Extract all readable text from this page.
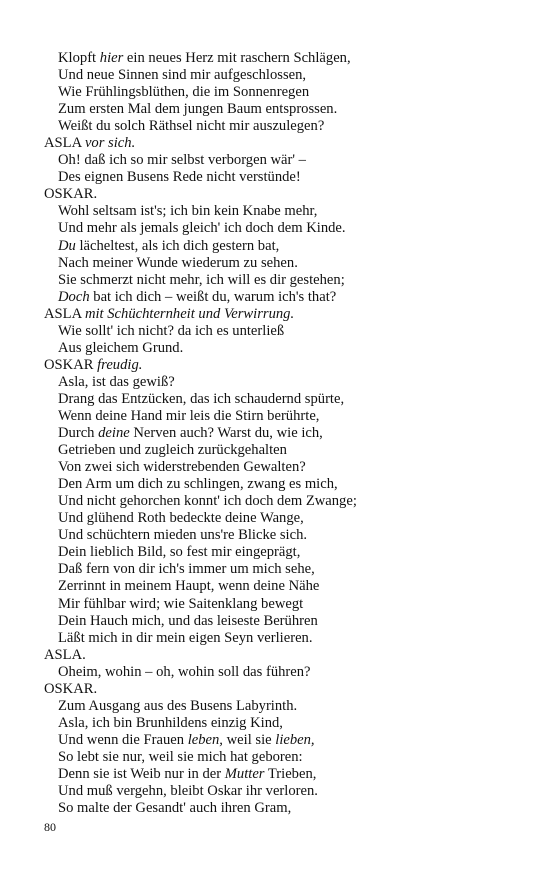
Klopft hier ein neues Herz mit raschern Schlägen,
Und neue Sinnen sind mir aufgeschlossen,
Wie Frühlingsblüthen, die im Sonnenregen
Zum ersten Mal dem jungen Baum entsprossen.
Weißt du solch Räthsel nicht mir auszulegen?
ASLA vor sich.
Oh! daß ich so mir selbst verborgen wär' –
Des eignen Busens Rede nicht verstünde!
OSKAR.
Wohl seltsam ist's; ich bin kein Knabe mehr,
Und mehr als jemals gleich' ich doch dem Kinde.
Du lächeltest, als ich dich gestern bat,
Nach meiner Wunde wiederum zu sehen.
Sie schmerzt nicht mehr, ich will es dir gestehen;
Doch bat ich dich – weißt du, warum ich's that?
ASLA mit Schüchternheit und Verwirrung.
Wie sollt' ich nicht? da ich es unterließ
Aus gleichem Grund.
OSKAR freudig.
Asla, ist das gewiß?
Drang das Entzücken, das ich schaudernd spürte,
Wenn deine Hand mir leis die Stirn berührte,
Durch deine Nerven auch? Warst du, wie ich,
Getrieben und zugleich zurückgehalten
Von zwei sich widerstrebenden Gewalten?
Den Arm um dich zu schlingen, zwang es mich,
Und nicht gehorchen konnt' ich doch dem Zwange;
Und glühend Roth bedeckte deine Wange,
Und schüchtern mieden uns're Blicke sich.
Dein lieblich Bild, so fest mir eingeprägt,
Daß fern von dir ich's immer um mich sehe,
Zerrinnt in meinem Haupt, wenn deine Nähe
Mir fühlbar wird; wie Saitenklang bewegt
Dein Hauch mich, und das leiseste Berühren
Läßt mich in dir mein eigen Seyn verlieren.
ASLA.
Oheim, wohin – oh, wohin soll das führen?
OSKAR.
Zum Ausgang aus des Busens Labyrinth.
Asla, ich bin Brunhildens einzig Kind,
Und wenn die Frauen leben, weil sie lieben,
So lebt sie nur, weil sie mich hat geboren:
Denn sie ist Weib nur in der Mutter Trieben,
Und muß vergehn, bleibt Oskar ihr verloren.
So malte der Gesandt' auch ihren Gram,
80
